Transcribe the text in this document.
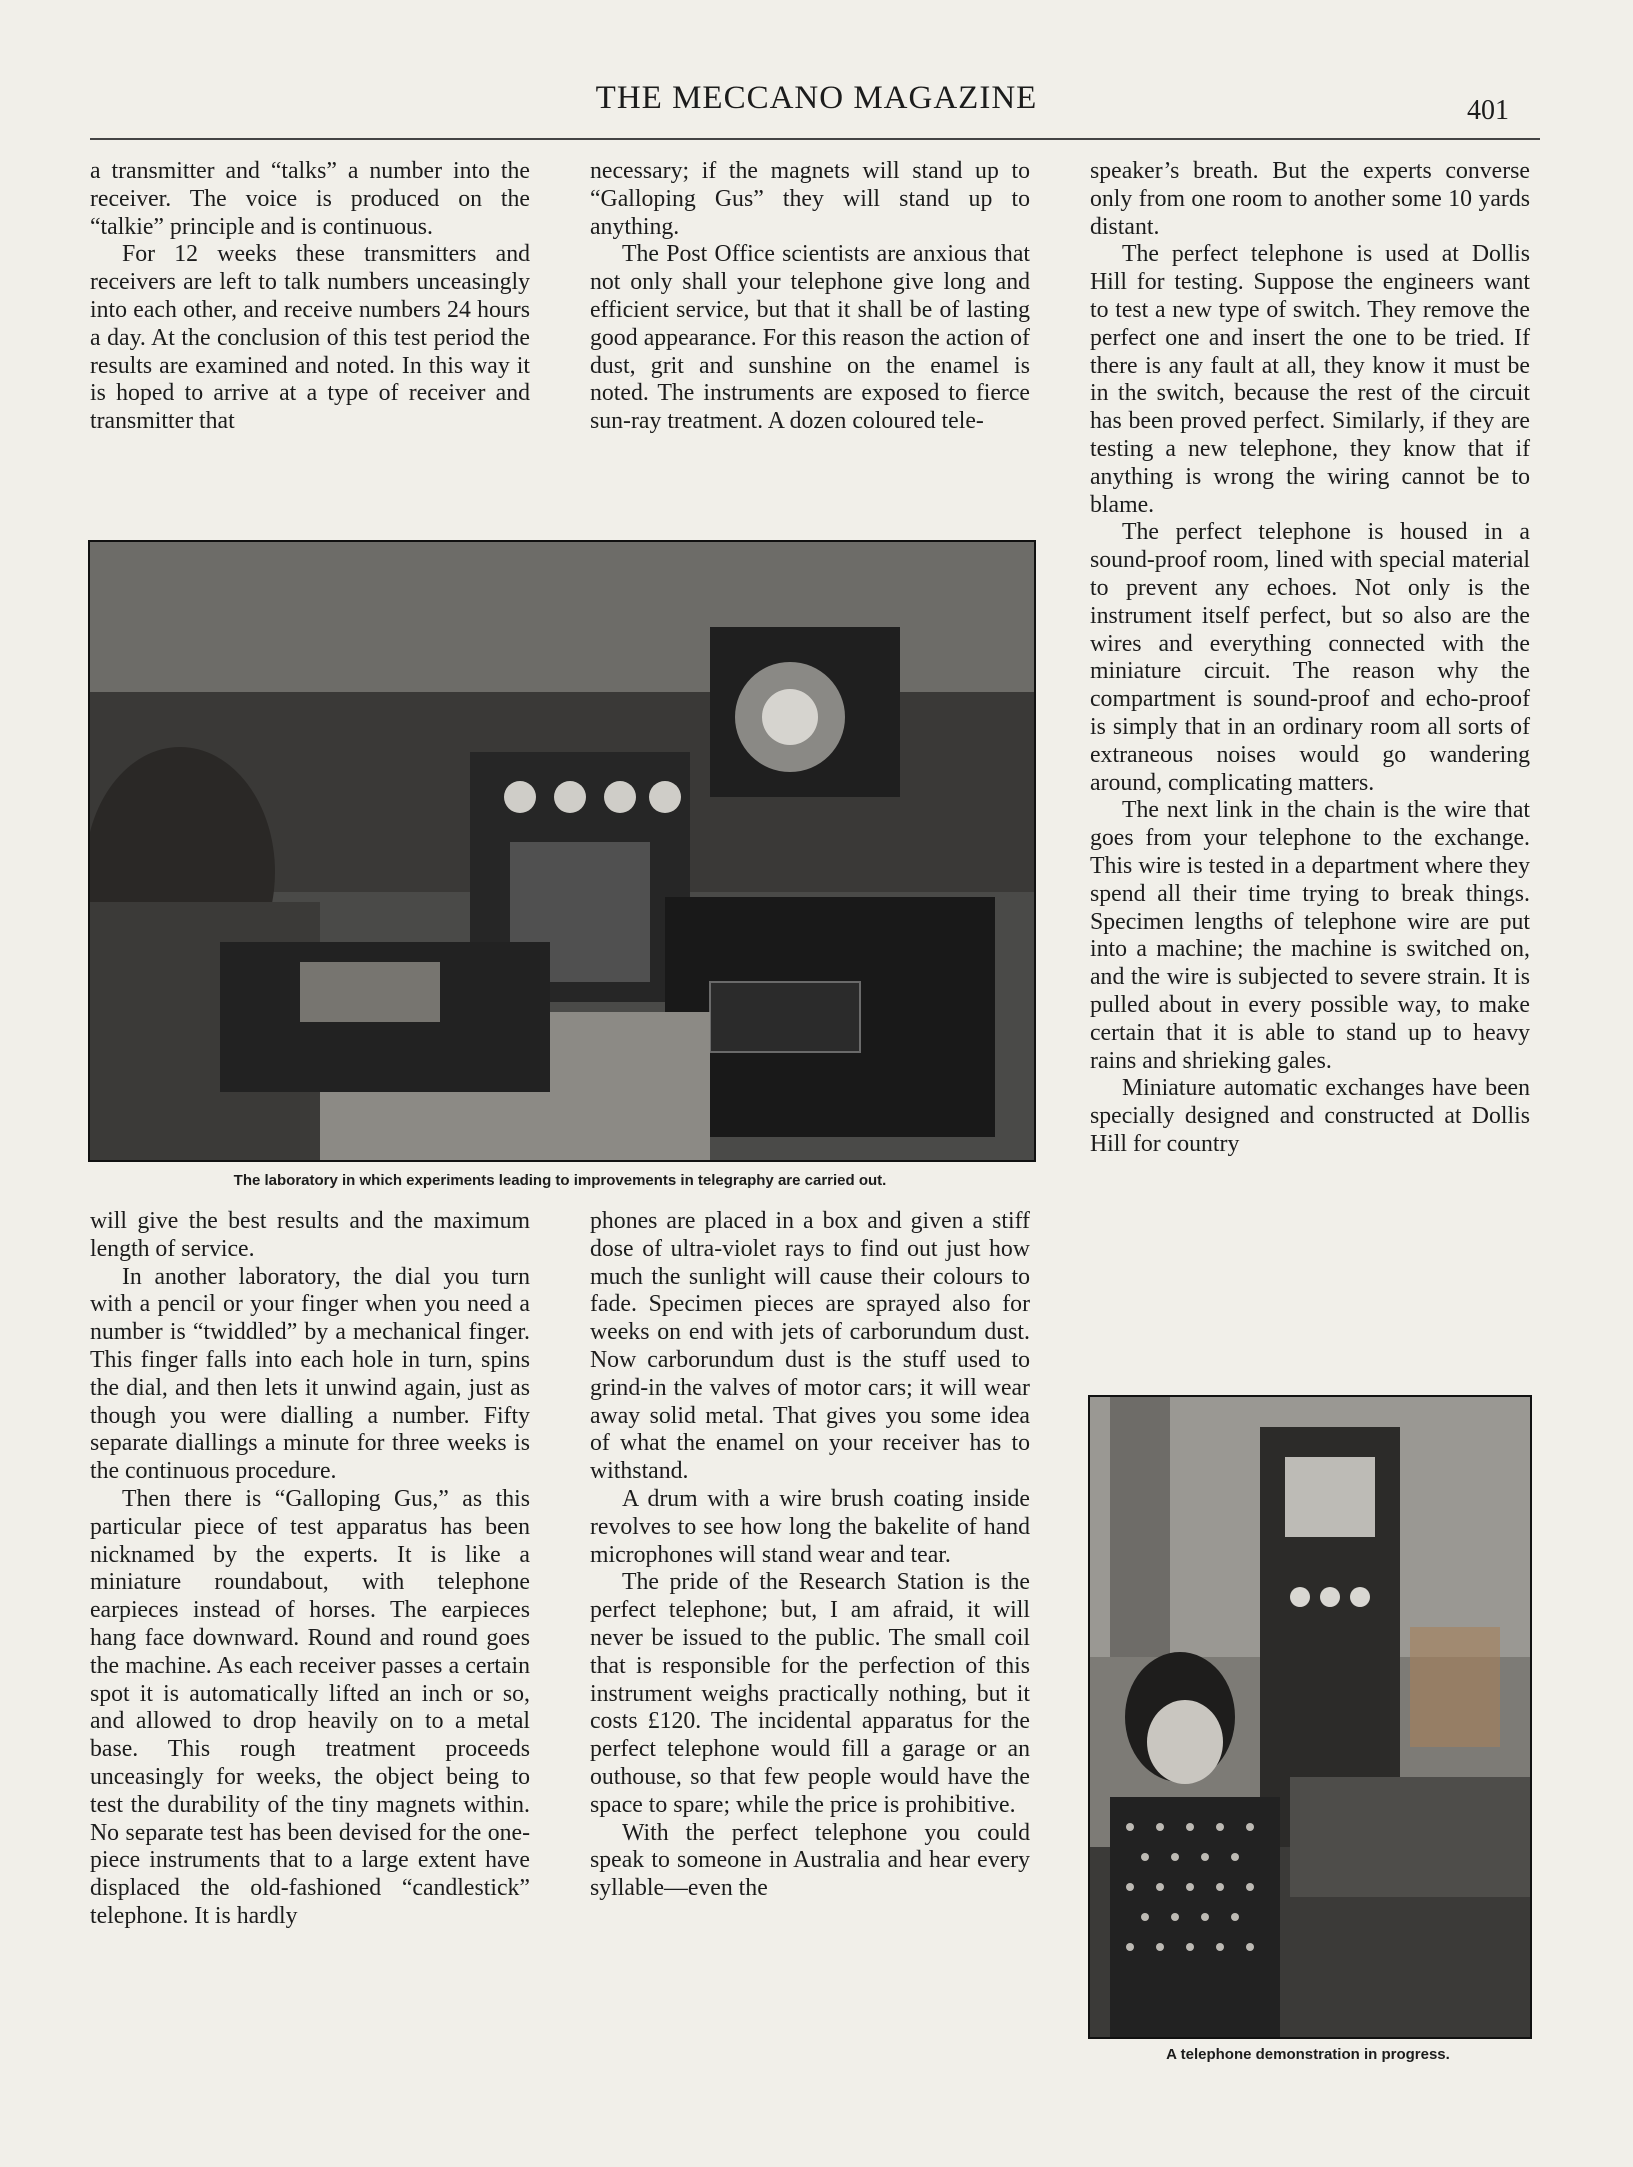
THE MECCANO MAGAZINE	401

a transmitter and “talks” a number into the receiver. The voice is produced on the “talkie” principle and is continuous.

For 12 weeks these transmitters and receivers are left to talk numbers unceasingly into each other, and receive numbers 24 hours a day. At the conclusion of this test period the results are examined and noted. In this way it is hoped to arrive at a type of receiver and transmitter that

necessary; if the magnets will stand up to “Galloping Gus” they will stand up to anything.

The Post Office scientists are anxious that not only shall your telephone give long and efficient service, but that it shall be of lasting good appearance. For this reason the action of dust, grit and sunshine on the enamel is noted. The instruments are exposed to fierce sun-ray treatment. A dozen coloured tele-

The laboratory in which experiments leading to improvements in telegraphy are carried out.

will give the best results and the maximum length of service.

In another laboratory, the dial you turn with a pencil or your finger when you need a number is “twiddled” by a mechanical finger. This finger falls into each hole in turn, spins the dial, and then lets it unwind again, just as though you were dialling a number. Fifty separate diallings a minute for three weeks is the continuous procedure.

Then there is “Galloping Gus,” as this particular piece of test apparatus has been nicknamed by the experts. It is like a miniature roundabout, with telephone earpieces instead of horses. The earpieces hang face downward. Round and round goes the machine. As each receiver passes a certain spot it is automatically lifted an inch or so, and allowed to drop heavily on to a metal base. This rough treatment proceeds unceasingly for weeks, the object being to test the durability of the tiny magnets within. No separate test has been devised for the one-piece instruments that to a large extent have displaced the old-fashioned “candlestick” telephone. It is hardly

phones are placed in a box and given a stiff dose of ultra-violet rays to find out just how much the sunlight will cause their colours to fade. Specimen pieces are sprayed also for weeks on end with jets of carborundum dust. Now carborundum dust is the stuff used to grind-in the valves of motor cars; it will wear away solid metal. That gives you some idea of what the enamel on your receiver has to withstand.

A drum with a wire brush coating inside revolves to see how long the bakelite of hand microphones will stand wear and tear.

The pride of the Research Station is the perfect telephone; but, I am afraid, it will never be issued to the public. The small coil that is responsible for the perfection of this instrument weighs practically nothing, but it costs £120. The incidental apparatus for the perfect telephone would fill a garage or an outhouse, so that few people would have the space to spare; while the price is prohibitive.

With the perfect telephone you could speak to someone in Australia and hear every syllable—even the

speaker’s breath. But the experts converse only from one room to another some 10 yards distant.

The perfect telephone is used at Dollis Hill for testing. Suppose the engineers want to test a new type of switch. They remove the perfect one and insert the one to be tried. If there is any fault at all, they know it must be in the switch, because the rest of the circuit has been proved perfect. Similarly, if they are testing a new telephone, they know that if anything is wrong the wiring cannot be to blame.

The perfect telephone is housed in a sound-proof room, lined with special material to prevent any echoes. Not only is the instrument itself perfect, but so also are the wires and everything connected with the miniature circuit. The reason why the compartment is sound-proof and echo-proof is simply that in an ordinary room all sorts of extraneous noises would go wandering around, complicating matters.

The next link in the chain is the wire that goes from your telephone to the exchange. This wire is tested in a department where they spend all their time trying to break things. Specimen lengths of telephone wire are put into a machine; the machine is switched on, and the wire is subjected to severe strain. It is pulled about in every possible way, to make certain that it is able to stand up to heavy rains and shrieking gales.

Miniature automatic exchanges have been specially designed and constructed at Dollis Hill for country

A telephone demonstration in progress.
